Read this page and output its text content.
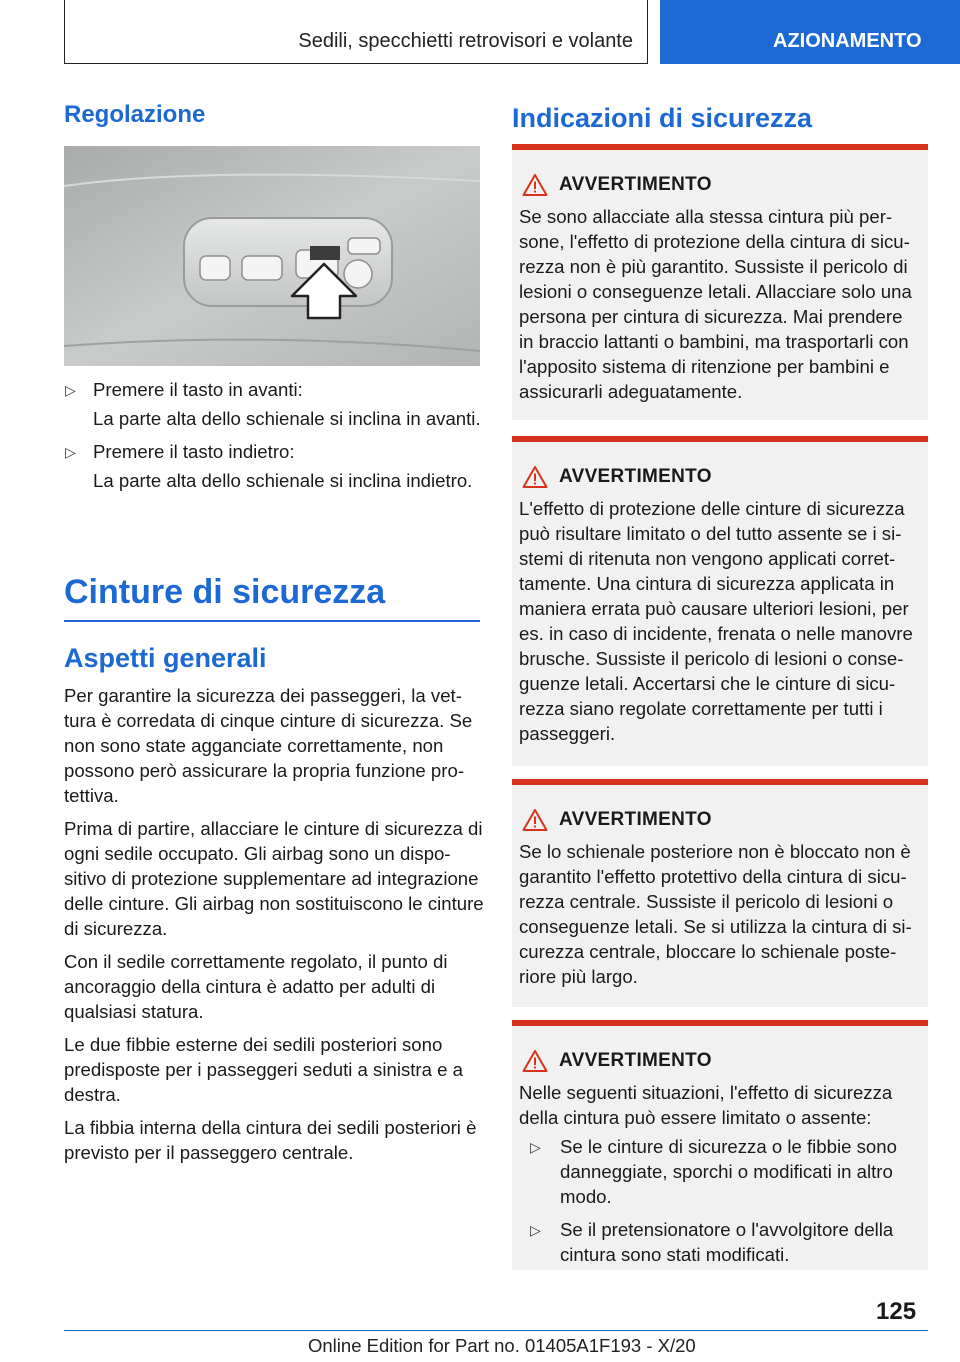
Sedili, specchietti retrovisori e volante	AZIONAMENTO
Regolazione
▷ Premere il tasto in avanti:

La parte alta dello schienale si inclina in avanti.

▷ Premere il tasto indietro:

La parte alta dello schienale si inclina indietro.

Cinture di sicurezza
Aspetti generali

Per garantire la sicurezza dei passeggeri, la vettura è corredata di cinque cinture di sicurezza. Se non sono state agganciate correttamente, non possono però assicurare la propria funzione protettiva.

Prima di partire, allacciare le cinture di sicurezza di ogni sedile occupato. Gli airbag sono un dispositivo di protezione supplementare ad integrazione delle cinture. Gli airbag non sostituiscono le cinture di sicurezza.

Con il sedile correttamente regolato, il punto di ancoraggio della cintura è adatto per adulti di qualsiasi statura.

Le due fibbie esterne dei sedili posteriori sono predisposte per i passeggeri seduti a sinistra e a destra.

La fibbia interna della cintura dei sedili posteriori è previsto per il passeggero centrale.

Indicazioni di sicurezza
AVVERTIMENTO

Se sono allacciate alla stessa cintura più persone, l'effetto di protezione della cintura di sicurezza non è più garantito. Sussiste il pericolo di lesioni o conseguenze letali. Allacciare solo una persona per cintura di sicurezza. Mai prendere in braccio lattanti o bambini, ma trasportarli con l'apposito sistema di ritenzione per bambini e assicurarli adeguatamente.

AVVERTIMENTO

L'effetto di protezione delle cinture di sicurezza può risultare limitato o del tutto assente se i sistemi di ritenuta non vengono applicati correttamente. Una cintura di sicurezza applicata in maniera errata può causare ulteriori lesioni, per es. in caso di incidente, frenata o nelle manovre brusche. Sussiste il pericolo di lesioni o conseguenze letali. Accertarsi che le cinture di sicurezza siano regolate correttamente per tutti i passeggeri.

AVVERTIMENTO

Se lo schienale posteriore non è bloccato non è garantito l'effetto protettivo della cintura di sicurezza centrale. Sussiste il pericolo di lesioni o conseguenze letali. Se si utilizza la cintura di sicurezza centrale, bloccare lo schienale posteriore più largo.

AVVERTIMENTO

Nelle seguenti situazioni, l'effetto di sicurezza della cintura può essere limitato o assente:

▷ Se le cinture di sicurezza o le fibbie sono danneggiate, sporchi o modificati in altro modo.

▷ Se il pretensionatore o l'avvolgitore della cintura sono stati modificati.

125
Online Edition for Part no. 01405A1F193 - X/20
